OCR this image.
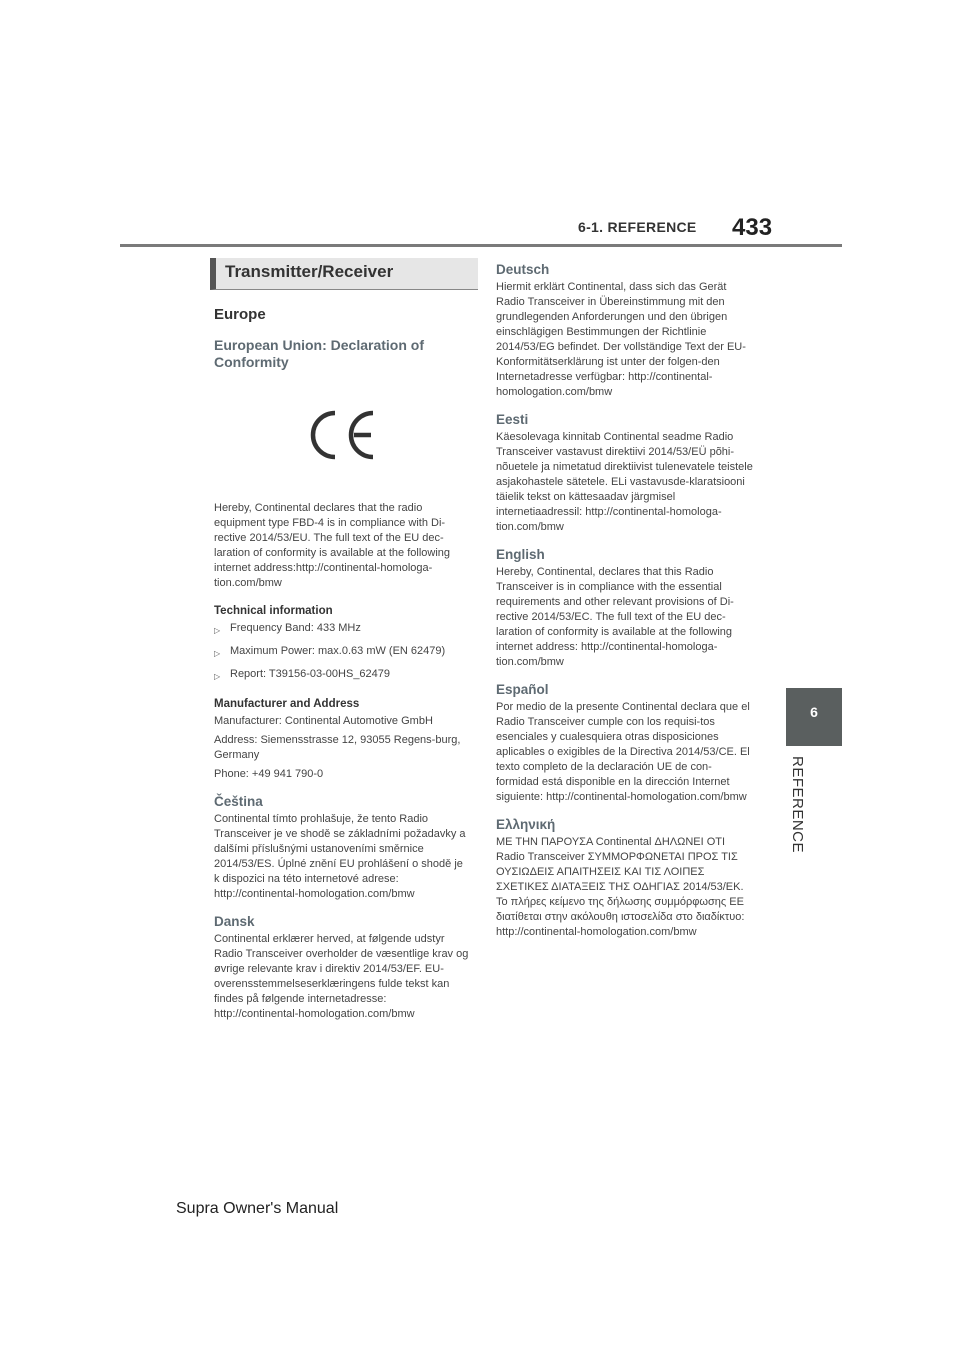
6-1. REFERENCE 433
6
REFERENCE
Transmitter/Receiver
Europe
European Union: Declaration of Conformity

Hereby, Continental declares that the radio equipment type FBD-4 is in compliance with Di-rective 2014/53/EU. The full text of the EU dec-laration of conformity is available at the following internet address:http://continental-homologa-tion.com/bmw

Technical information
▷ Frequency Band: 433 MHz
▷ Maximum Power: max.0.63 mW (EN 62479)
▷ Report: T39156-03-00HS_62479
Manufacturer and Address

Manufacturer: Continental Automotive GmbH

Address: Siemensstrasse 12, 93055 Regens-burg, Germany

Phone: +49 941 790-0

Čeština

Continental tímto prohlašuje, že tento Radio Transceiver je ve shodě se základními požadavky a dalšími příslušnými ustanoveními směrnice 2014/53/ES. Úplné znění EU prohlášení o shodě je k dispozici na této internetové adrese: http://continental-homologation.com/bmw

Dansk

Continental erklærer herved, at følgende udstyr Radio Transceiver overholder de væsentlige krav og øvrige relevante krav i direktiv 2014/53/EF. EU-overensstemmelseserklæringens fulde tekst kan findes på følgende internetadresse: http://continental-homologation.com/bmw

Deutsch

Hiermit erklärt Continental, dass sich das Gerät Radio Transceiver in Übereinstimmung mit den grundlegenden Anforderungen und den übrigen einschlägigen Bestimmungen der Richtlinie 2014/53/EG befindet. Der vollständige Text der EU-Konformitätserklärung ist unter der folgen-den Internetadresse verfügbar: http://continental-homologation.com/bmw

Eesti

Käesolevaga kinnitab Continental seadme Radio Transceiver vastavust direktiivi 2014/53/EÜ põhi-nõuetele ja nimetatud direktiivist tulenevatele teistele asjakohastele sätetele. ELi vastavusde-klaratsiooni täielik tekst on kättesaadav järgmisel internetiaadressil: http://continental-homologa-tion.com/bmw

English

Hereby, Continental, declares that this Radio Transceiver is in compliance with the essential requirements and other relevant provisions of Di-rective 2014/53/EC. The full text of the EU dec-laration of conformity is available at the following internet address: http://continental-homologa-tion.com/bmw

Español

Por medio de la presente Continental declara que el Radio Transceiver cumple con los requisi-tos esenciales y cualesquiera otras disposiciones aplicables o exigibles de la Directiva 2014/53/CE. El texto completo de la declaración UE de con-formidad está disponible en la dirección Internet siguiente: http://continental-homologation.com/bmw

Ελληνική

ΜΕ ΤΗΝ ΠΑΡΟΥΣΑ Continental ΔΗΛΩΝΕΙ ΟΤΙ Radio Transceiver ΣΥΜΜΟΡΦΩΝΕΤΑΙ ΠΡΟΣ ΤΙΣ ΟΥΣΙΩΔΕΙΣ ΑΠΑΙΤΗΣΕΙΣ ΚΑΙ ΤΙΣ ΛΟΙΠΕΣ ΣΧΕΤΙΚΕΣ ΔΙΑΤΑΞΕΙΣ ΤΗΣ ΟΔΗΓΙΑΣ 2014/53/ΕΚ. Το πλήρες κείμενο της δήλωσης συμμόρφωσης ΕΕ διατίθεται στην ακόλουθη ιστοσελίδα στο διαδίκτυο: http://continental-homologation.com/bmw

Supra Owner's Manual
